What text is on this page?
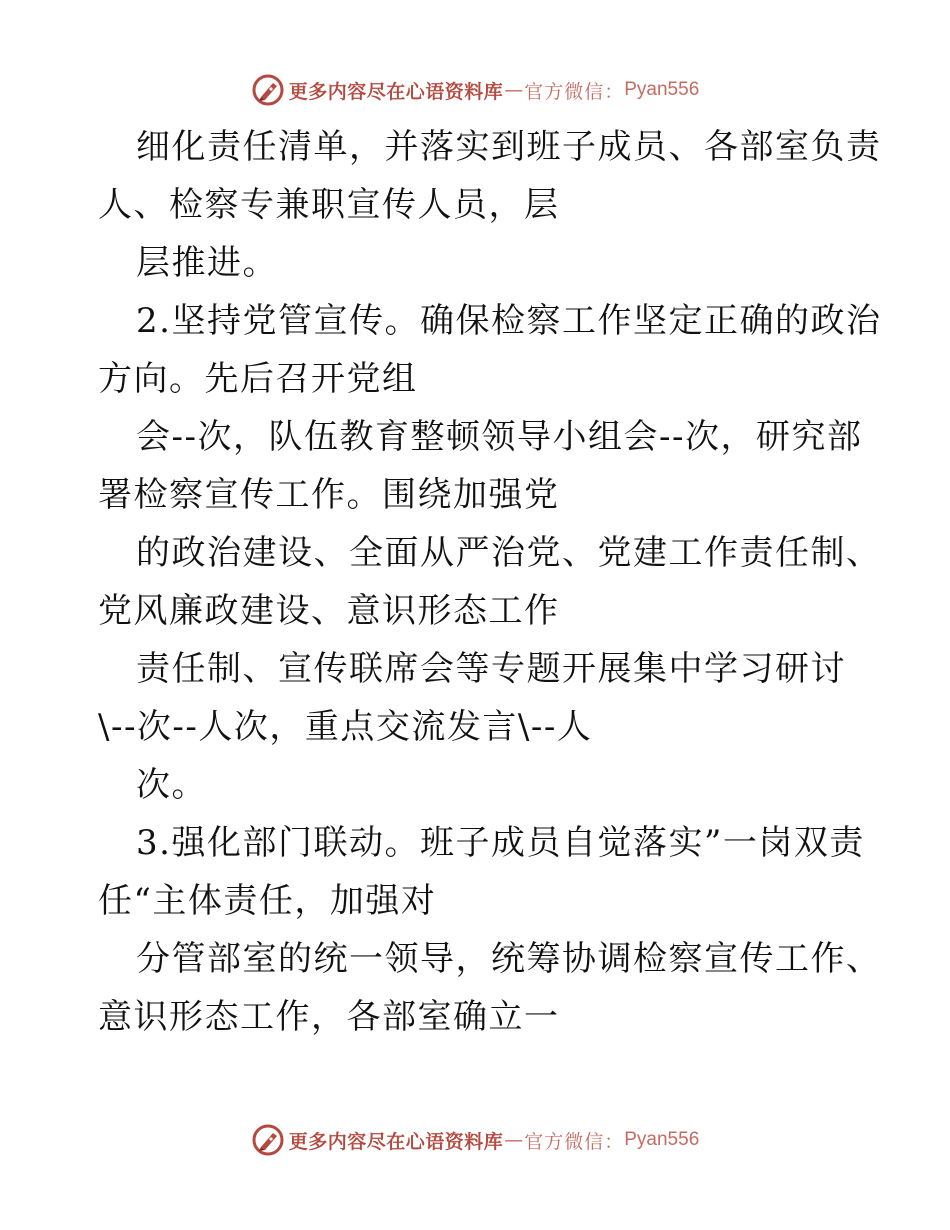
更多内容尽在心语资料库 — 官方微信： Pyan556
细化责任清单，并落实到班子成员、各部室负责
人、检察专兼职宣传人员，层
层推进。
2.坚持党管宣传。确保检察工作坚定正确的政治
方向。先后召开党组
会--次，队伍教育整顿领导小组会--次，研究部
署检察宣传工作。围绕加强党
的政治建设、全面从严治党、党建工作责任制、
党风廉政建设、意识形态工作
责任制、宣传联席会等专题开展集中学习研讨
\--次--人次，重点交流发言\--人
次。
3.强化部门联动。班子成员自觉落实”一岗双责
任“主体责任，加强对
分管部室的统一领导，统筹协调检察宣传工作、
意识形态工作，各部室确立一
更多内容尽在心语资料库 — 官方微信： Pyan556
